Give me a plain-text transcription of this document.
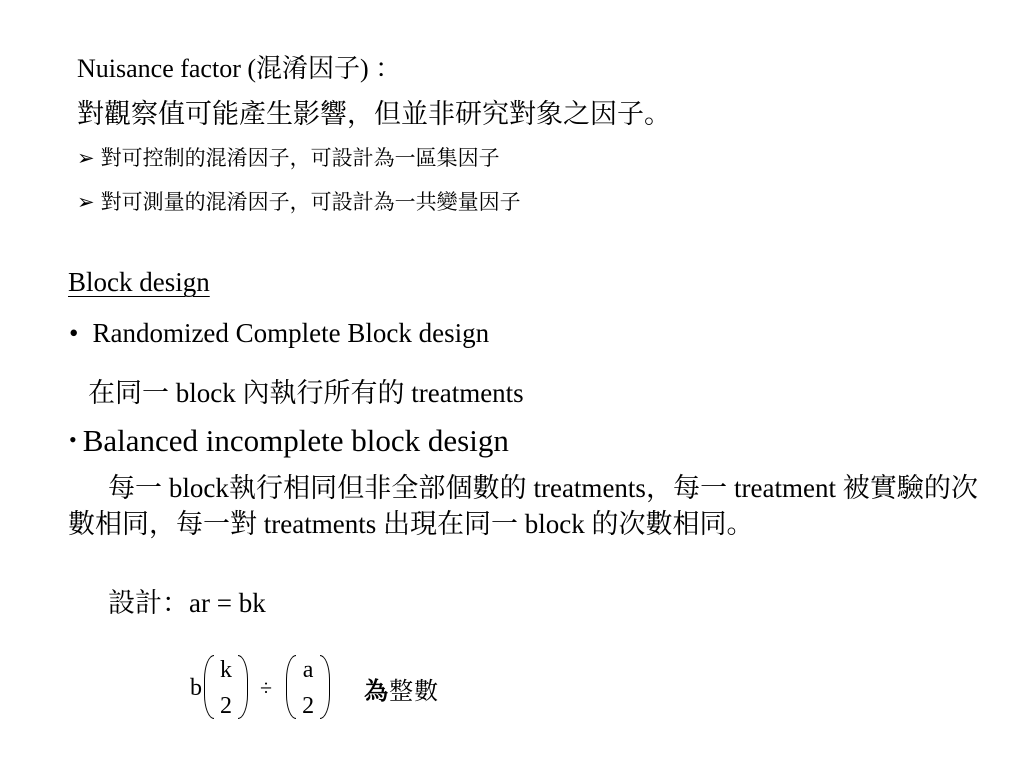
Nuisance factor (混淆因子) ：
對觀察值可能產生影響，但並非研究對象之因子。
➢ 對可控制的混淆因子，可設計為一區集因子
➢ 對可測量的混淆因子，可設計為一共變量因子
Block design
• Randomized Complete Block design
在同一 block 內執行所有的 treatments
• Balanced incomplete block design
每一 block執行相同但非全部個數的 treatments，每一 treatment 被實驗的次數相同，每一對 treatments 出現在同一 block 的次數相同。
設計：ar = bk
b
k
2
÷
a
2
為整數
